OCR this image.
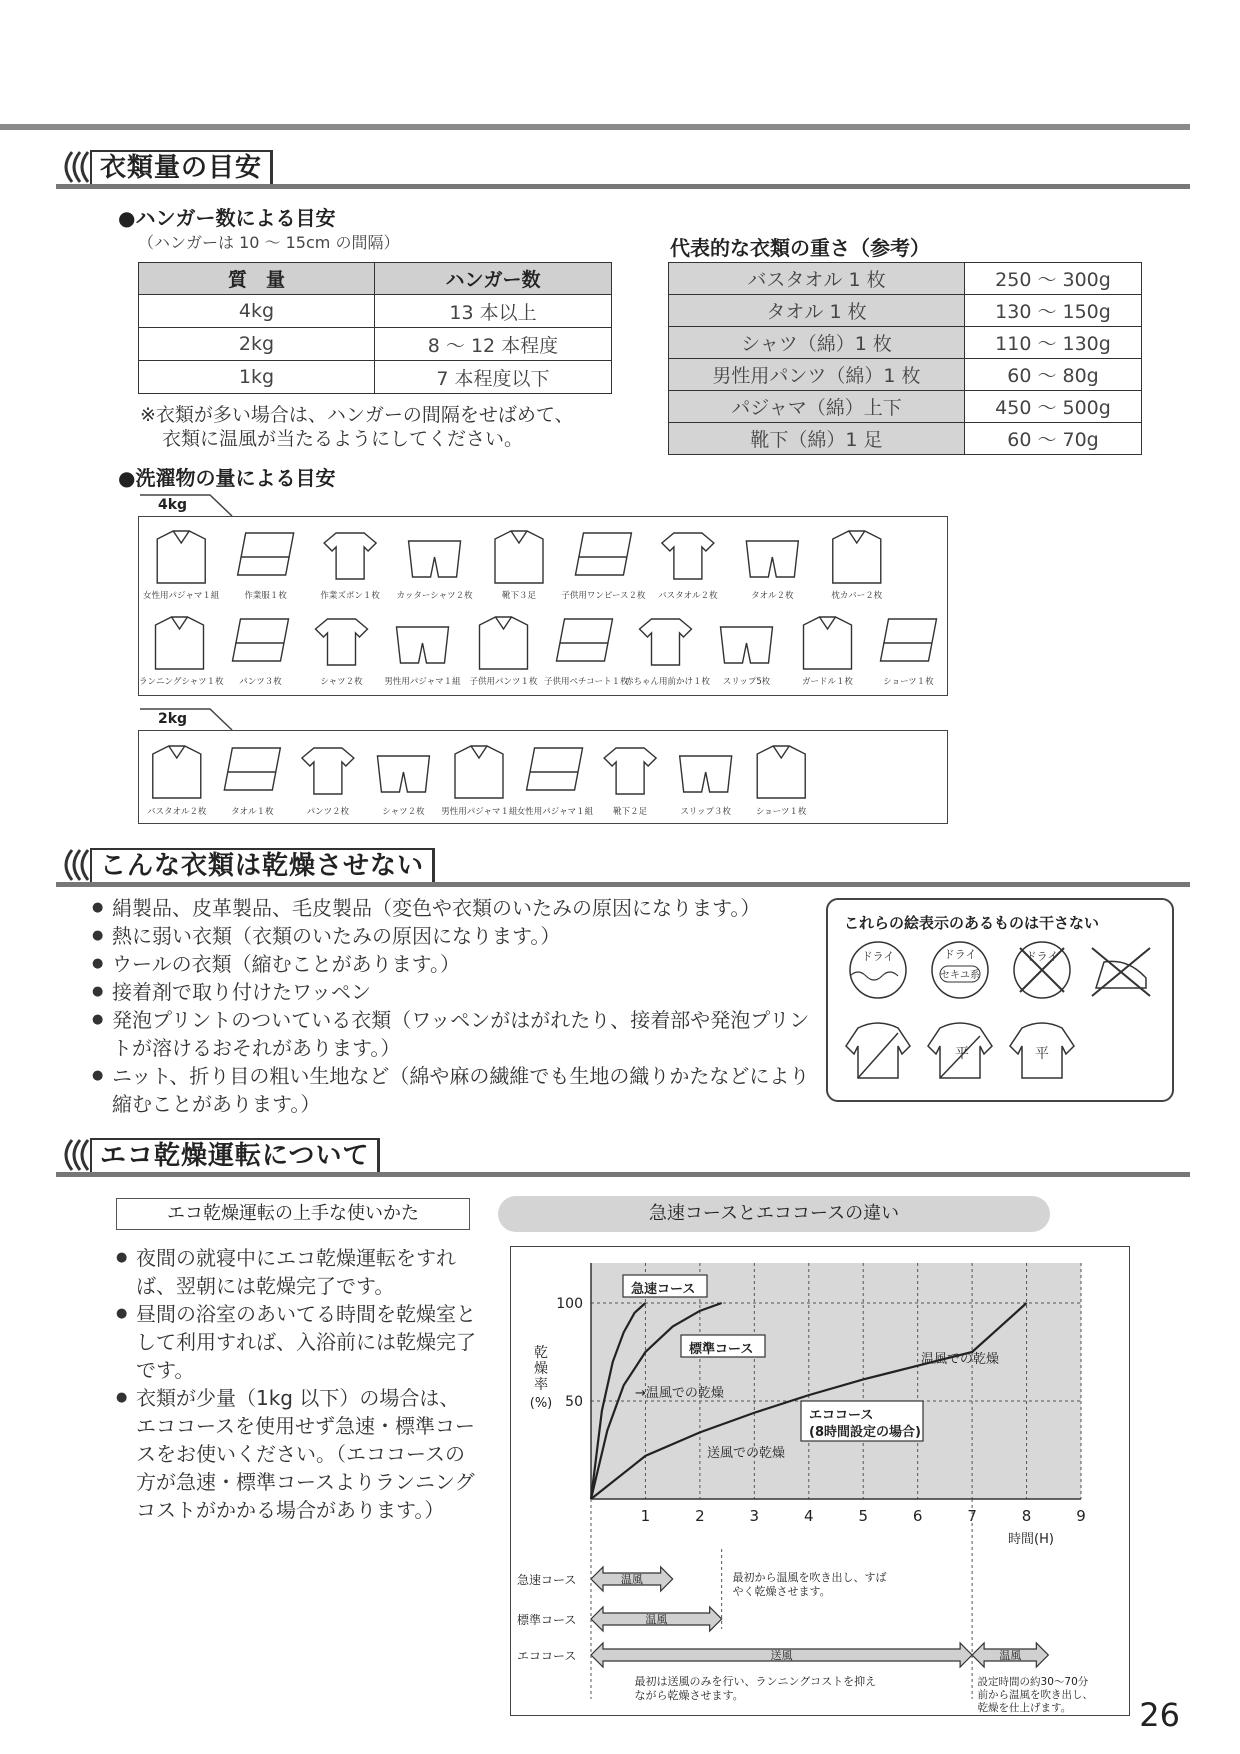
衣類量の目安
●ハンガー数による目安
（ハンガーは 10 ～ 15cm の間隔）
質　量	ハンガー数
4kg	13 本以上
2kg	8 ～ 12 本程度
1kg	7 本程度以下
※衣類が多い場合は、ハンガーの間隔をせばめて、
衣類に温風が当たるようにしてください。
代表的な衣類の重さ（参考）
バスタオル 1 枚	250 ～ 300g
タオル 1 枚	130 ～ 150g
シャツ（綿）1 枚	110 ～ 130g
男性用パンツ（綿）1 枚	60 ～ 80g
パジャマ（綿）上下	450 ～ 500g
靴下（綿）1 足	60 ～ 70g
●洗濯物の量による目安
4kg
女性用パジャマ１組	作業服１枚	作業ズボン１枚	カッターシャツ２枚	靴下３足	子供用ワンピース２枚	バスタオル２枚	タオル２枚	枕カバー２枚
ランニングシャツ１枚	パンツ３枚	シャツ２枚	男性用パジャマ１組	子供用パンツ１枚 子供用ペチコート１枚
赤ちゃん用前かけ１枚	スリップ5枚	ガードル１枚	ショーツ１枚
2kg
バスタオル２枚	タオル１枚	パンツ２枚	シャツ２枚	男性用パジャマ１組 女性用パジャマ１組	靴下２足	スリップ３枚	ショーツ１枚
こんな衣類は乾燥させない
● 絹製品、皮革製品、毛皮製品（変色や衣類のいたみの原因になります。）
● 熱に弱い衣類（衣類のいたみの原因になります。）
● ウールの衣類（縮むことがあります。）
● 接着剤で取り付けたワッペン
● 発泡プリントのついている衣類（ワッペンがはがれたり、接着部や発泡プリントが溶けるおそれがあります。）
● ニット、折り目の粗い生地など（綿や麻の繊維でも生地の織りかたなどにより縮むことがあります。）
これらの絵表示のあるものは干さない
ドライ	ドライ
セキユ系
ドライ
平	平
エコ乾燥運転について
エコ乾燥運転の上手な使いかた
● 夜間の就寝中にエコ乾燥運転をすれば、翌朝には乾燥完了です。
● 昼間の浴室のあいてる時間を乾燥室として利用すれば、入浴前には乾燥完了です。
● 衣類が少量（1kg 以下）の場合は、エココースを使用せず急速・標準コースをお使いください。（エココースの方が急速・標準コースよりランニングコストがかかる場合があります。）
急速コースとエココースの違い
50
100
1	2	3	4	5	6	7	8	9
時間(H)
乾
燥
率
(%)
急速コース
標準コース
エココース
(8時間設定の場合)
→温風での乾燥
送風での乾燥
温風での乾燥
急速コース
標準コース
エココース
温風
温風
送風	温風
最初から温風を吹き出し、すば
やく乾燥させます。
最初は送風のみを行い、ランニングコストを抑え
ながら乾燥させます。
設定時間の約30～70分
前から温風を吹き出し、
乾燥を仕上げます。 26
